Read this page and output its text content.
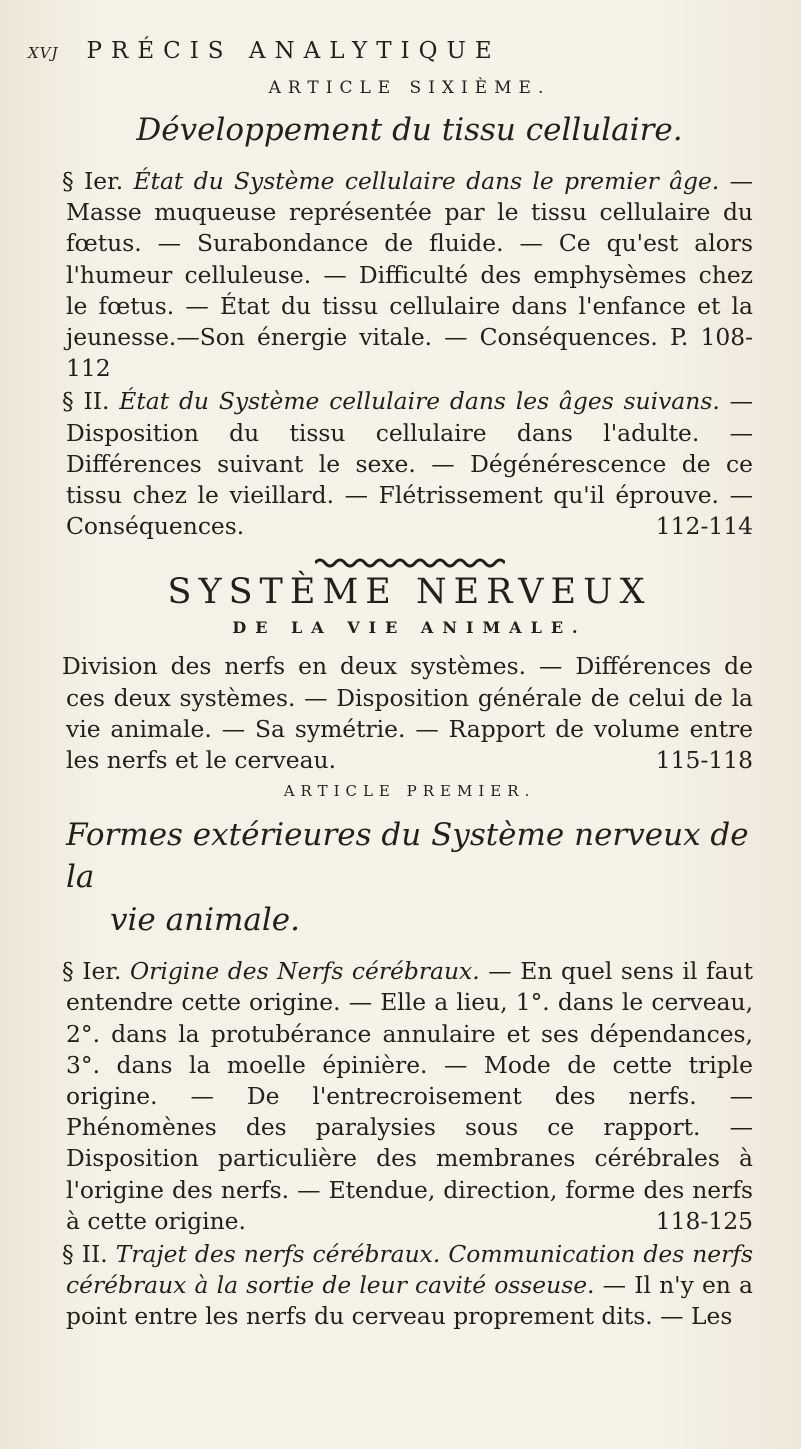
xvj PRÉCIS ANALYTIQUE
ARTICLE SIXIÈME.
Développement du tissu cellulaire.

§ Ier. État du Système cellulaire dans le premier âge. — Masse muqueuse représentée par le tissu cellulaire du fœtus. — Surabondance de fluide. — Ce qu'est alors l'humeur celluleuse. — Difficulté des emphysèmes chez le fœtus. — État du tissu cellulaire dans l'enfance et la jeunesse.—Son énergie vitale. — Conséquences. P. 108-112

§ II. État du Système cellulaire dans les âges suivans. — Disposition du tissu cellulaire dans l'adulte. — Différences suivant le sexe. — Dégénérescence de ce tissu chez le vieillard. — Flétrissement qu'il éprouve. — Conséquences.	112-114

SYSTÈME NERVEUX
DE LA VIE ANIMALE.

Division des nerfs en deux systèmes. — Différences de ces deux systèmes. — Disposition générale de celui de la vie animale. — Sa symétrie. — Rapport de volume entre les nerfs et le cerveau.	115-118

ARTICLE PREMIER.
Formes extérieures du Système nerveux de la
vie animale.

§ Ier. Origine des Nerfs cérébraux. — En quel sens il faut entendre cette origine. — Elle a lieu, 1°. dans le cerveau, 2°. dans la protubérance annulaire et ses dépendances, 3°. dans la moelle épinière. — Mode de cette triple origine. — De l'entrecroisement des nerfs. — Phénomènes des paralysies sous ce rapport. —Disposition particulière des membranes cérébrales à l'origine des nerfs. — Etendue, direction, forme des nerfs à cette origine.	118-125

§ II. Trajet des nerfs cérébraux. Communication des nerfs cérébraux à la sortie de leur cavité osseuse. — Il n'y en a point entre les nerfs du cerveau proprement dits. — Les
